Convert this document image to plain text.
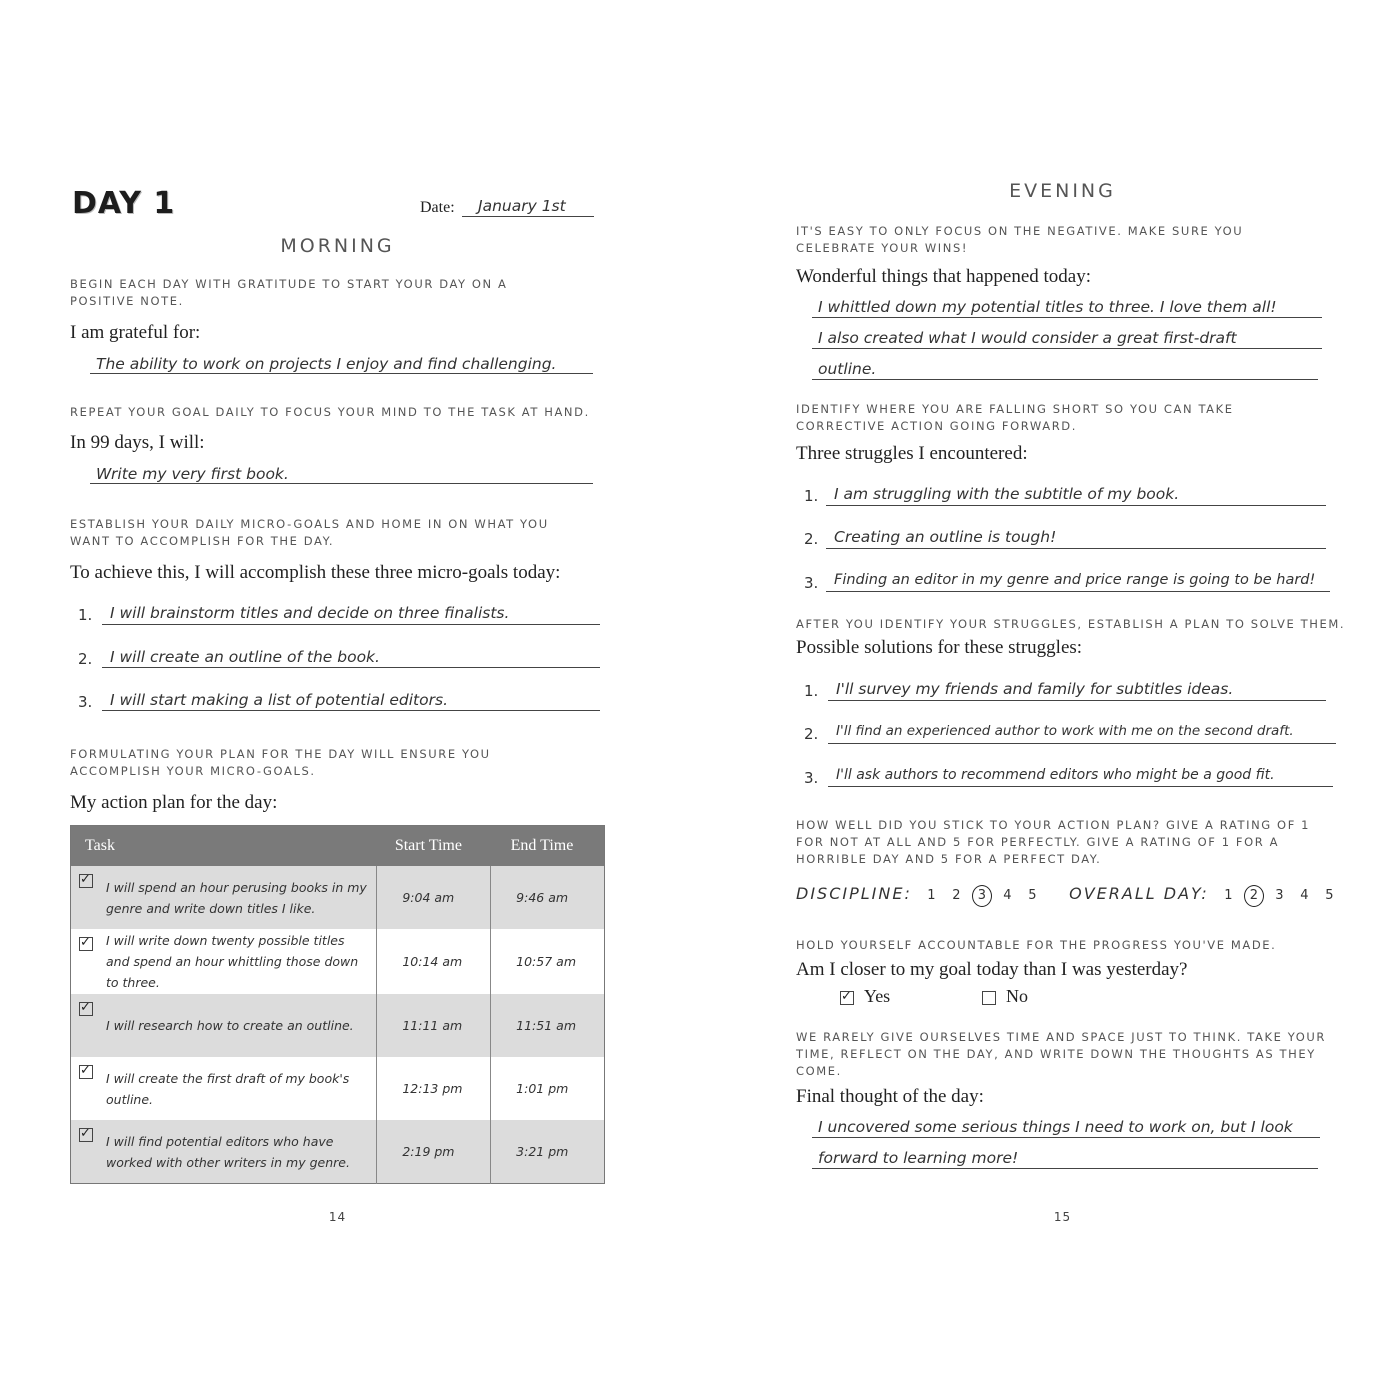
DAY 1	Date: January 1st
MORNING
BEGIN EACH DAY WITH GRATITUDE TO START YOUR DAY ON A POSITIVE NOTE.
I am grateful for:
The ability to work on projects I enjoy and find challenging.
REPEAT YOUR GOAL DAILY TO FOCUS YOUR MIND TO THE TASK AT HAND.
In 99 days, I will:
Write my very first book.
ESTABLISH YOUR DAILY MICRO-GOALS AND HOME IN ON WHAT YOU WANT TO ACCOMPLISH FOR THE DAY.
To achieve this, I will accomplish these three micro-goals today:
1. I will brainstorm titles and decide on three finalists.
2. I will create an outline of the book.
3. I will start making a list of potential editors.
FORMULATING YOUR PLAN FOR THE DAY WILL ENSURE YOU ACCOMPLISH YOUR MICRO-GOALS.
My action plan for the day:
Task	Start Time	End Time

✓ I will spend an hour perusing books in my genre and write down titles I like.	9:04 am	9:46 am

✓ I will write down twenty possible titles and spend an hour whittling those down to three.	10:14 am	10:57 am

✓
I will research how to create an outline.	11:11 am	11:51 am

✓ I will create the first draft of my book's outline.	12:13 pm	1:01 pm

✓ I will find potential editors who have worked with other writers in my genre.	2:19 pm	3:21 pm
14
EVENING
IT'S EASY TO ONLY FOCUS ON THE NEGATIVE. MAKE SURE YOU CELEBRATE YOUR WINS!
Wonderful things that happened today:
I whittled down my potential titles to three. I love them all!
I also created what I would consider a great first-draft
outline.
IDENTIFY WHERE YOU ARE FALLING SHORT SO YOU CAN TAKE CORRECTIVE ACTION GOING FORWARD.
Three struggles I encountered:
1. I am struggling with the subtitle of my book.
2. Creating an outline is tough!
3. Finding an editor in my genre and price range is going to be hard!
AFTER YOU IDENTIFY YOUR STRUGGLES, ESTABLISH A PLAN TO SOLVE THEM.
Possible solutions for these struggles:
1. I'll survey my friends and family for subtitles ideas.
2. I'll find an experienced author to work with me on the second draft.
3. I'll ask authors to recommend editors who might be a good fit.
HOW WELL DID YOU STICK TO YOUR ACTION PLAN? GIVE A RATING OF 1 FOR NOT AT ALL AND 5 FOR PERFECTLY. GIVE A RATING OF 1 FOR A HORRIBLE DAY AND 5 FOR A PERFECT DAY.
DISCIPLINE: 1 2 3 4 5 OVERALL DAY: 1 2 3 4 5
HOLD YOURSELF ACCOUNTABLE FOR THE PROGRESS YOU'VE MADE.
Am I closer to my goal today than I was yesterday?
✓ Yes	No
WE RARELY GIVE OURSELVES TIME AND SPACE JUST TO THINK. TAKE YOUR TIME, REFLECT ON THE DAY, AND WRITE DOWN THE THOUGHTS AS THEY COME.
Final thought of the day:
I uncovered some serious things I need to work on, but I look
forward to learning more!
15
